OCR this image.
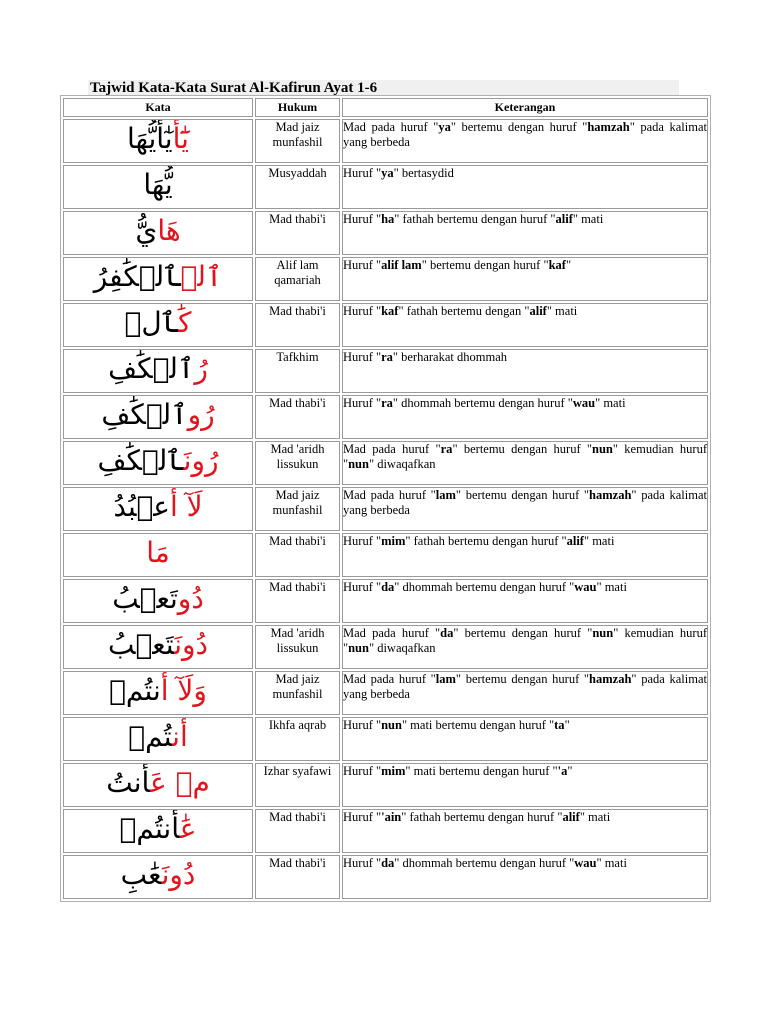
Tajwid Kata-Kata Surat Al-Kafirun Ayat 1-6
Kata	Hukum	Keterangan

يَٰٓأَيٰٓأَيُّهَا	Mad jaiz munfashil	Mad pada huruf "ya" bertemu dengan huruf "hamzah" pada kalimat yang berbeda

يُّهَا	Musyaddah	Huruf "ya" bertasydid

هَايُّ	Mad thabi'i	Huruf "ha" fathah bertemu dengan huruf "alif" mati

ٱلۡٱلۡكَٰفِرُ	Alif lam qamariah	Huruf "alif lam" bertemu dengan huruf "kaf"

كَٰٱلۡ	Mad thabi'i	Huruf "kaf" fathah bertemu dengan "alif" mati

رُٱلۡكَٰفِ	Tafkhim	Huruf "ra" berharakat dhommah

رُوٱلۡكَٰفِ	Mad thabi'i	Huruf "ra" dhommah bertemu dengan huruf "wau" mati

رُونَٱلۡكَٰفِ	Mad 'aridh lissukun	Mad pada huruf "ra" bertemu dengan huruf "nun" kemudian huruf "nun" diwaqafkan

لَآ أَعۡبُدُ	Mad jaiz munfashil	Mad pada huruf "lam" bertemu dengan huruf "hamzah" pada kalimat yang berbeda

مَا	Mad thabi'i	Huruf "mim" fathah bertemu dengan huruf "alif" mati

دُوتَعۡبُ	Mad thabi'i	Huruf "da" dhommah bertemu dengan huruf "wau" mati

دُونَتَعۡبُ	Mad 'aridh lissukun	Mad pada huruf "da" bertemu dengan huruf "nun" kemudian huruf "nun" diwaqafkan

وَلَآ أَنتُمۡ	Mad jaiz munfashil	Mad pada huruf "lam" bertemu dengan huruf "hamzah" pada kalimat yang berbeda

أَنتُمۡ	Ikhfa aqrab	Huruf "nun" mati bertemu dengan huruf "ta"

مۡ عَأَنتُ	Izhar syafawi	Huruf "mim" mati bertemu dengan huruf "'a"

عَٰأَنتُمۡ	Mad thabi'i	Huruf "'ain" fathah bertemu dengan huruf "alif" mati

دُونَعَٰبِ	Mad thabi'i	Huruf "da" dhommah bertemu dengan huruf "wau" mati
